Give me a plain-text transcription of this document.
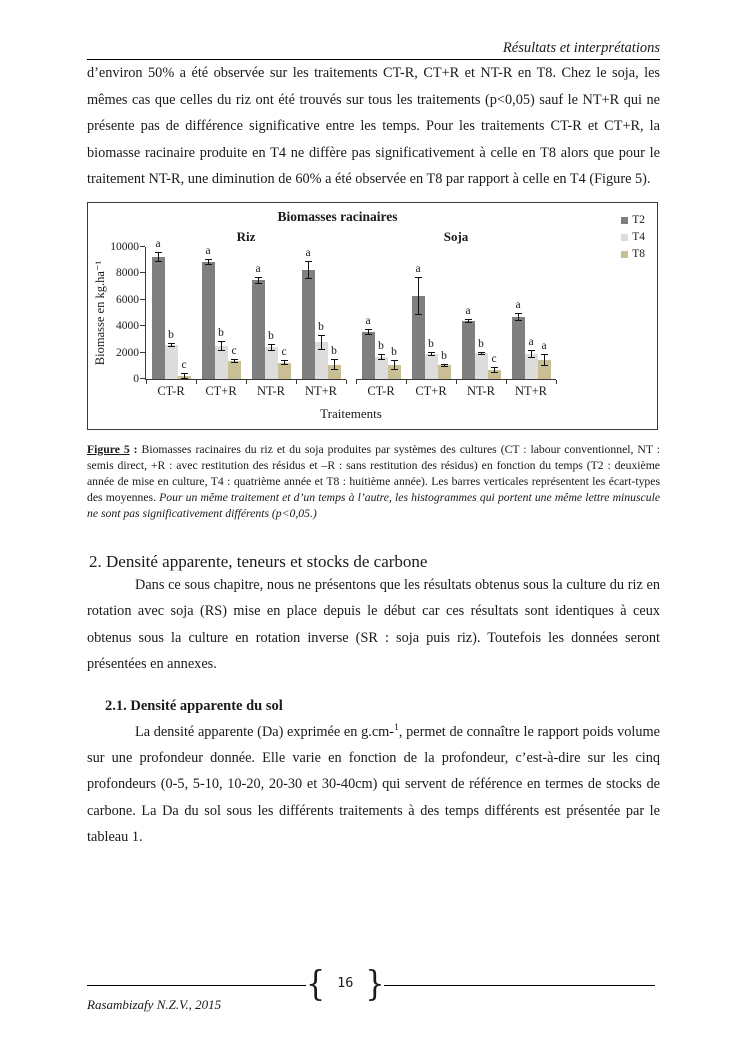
Résultats et interprétations

d’environ 50% a été observée sur les traitements CT-R, CT+R et NT-R en T8. Chez le soja, les mêmes cas que celles du riz ont été trouvés sur tous les traitements (p<0,05) sauf le NT+R qui ne présente pas de différence significative entre les temps. Pour les traitements CT-R et CT+R, la biomasse racinaire produite en T4 ne diffère pas significativement à celle en T8 alors que pour le traitement NT-R, une diminution de 60% a été observée en T8 par rapport à celle en T4 (Figure 5).

Biomasses racinaires	T2
T4
T8
Biomasse en kg.ha⁻¹
0
2000
4000
6000
8000
10000
Riz
a
b
c
a
b
c
a
b
c
a
b
b
CT-R	CT+R	NT-R	NT+R
Soja
a
b b
a
b
b
a
b
c
a
a a
CT-R	CT+R	NT-R	NT+R
Traitements

Figure 5 : Biomasses racinaires du riz et du soja produites par systèmes des cultures (CT : labour conventionnel, NT : semis direct, +R : avec restitution des résidus et –R : sans restitution des résidus) en fonction du temps (T2 : deuxième année de mise en culture, T4 : quatrième année et T8 : huitième année). Les barres verticales représentent les écart-types des moyennes. Pour un même traitement et d’un temps à l’autre, les histogrammes qui portent une même lettre minuscule ne sont pas significativement différents (p<0,05.)

2. Densité apparente, teneurs et stocks de carbone

Dans ce sous chapitre, nous ne présentons que les résultats obtenus sous la culture du riz en rotation avec soja (RS) mise en place depuis le début car ces résultats sont identiques à ceux obtenus sous la culture en rotation inverse (SR : soja puis riz). Toutefois les données seront présentées en annexes.

2.1. Densité apparente du sol

La densité apparente (Da) exprimée en g.cm-$^1$, permet de connaître le rapport poids volume sur une profondeur donnée. Elle varie en fonction de la profondeur, c’est-à-dire sur les cinq profondeurs (0-5, 5-10, 10-20, 20-30 et 30-40cm) qui servent de référence en termes de stocks de carbone. La Da du sol sous les différents traitements à des temps différents est présentée par le tableau 1.

{ 16 }
Rasambizafy N.Z.V., 2015
